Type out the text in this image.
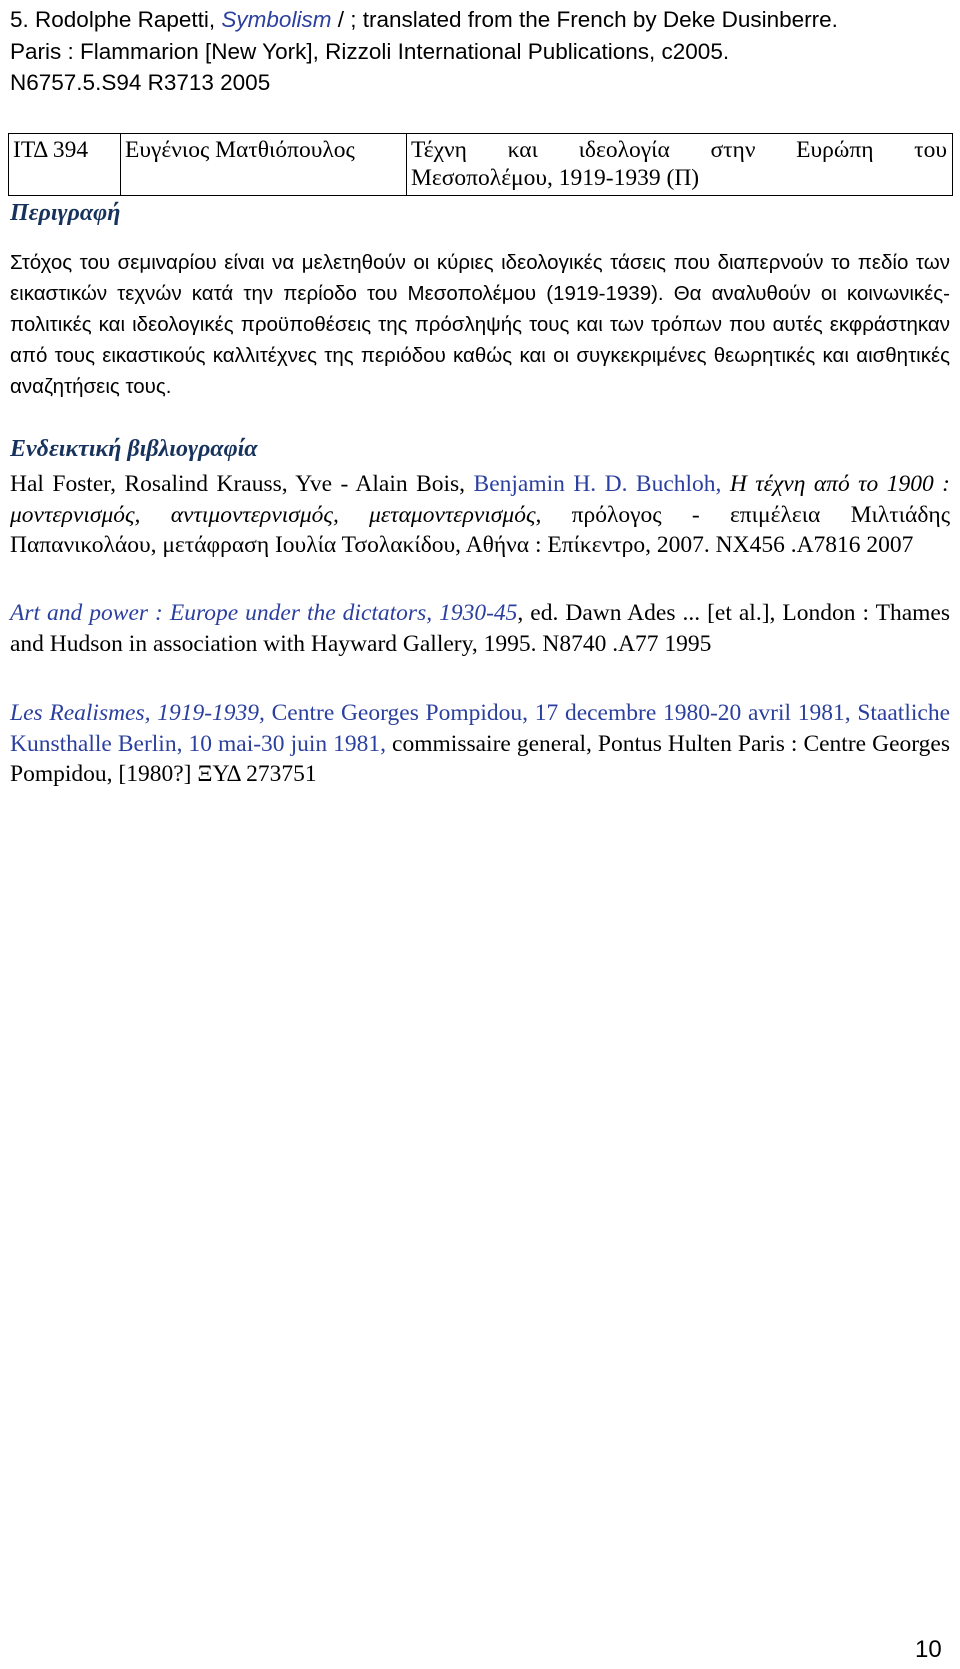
5. Rodolphe Rapetti, Symbolism / ; translated from the French by Deke Dusinberre.
Paris : Flammarion [New York], Rizzoli International Publications, c2005.
N6757.5.S94 R3713 2005
ΙΤΔ 394	Ευγένιος Ματθιόπουλος	Τέχνη και ιδεολογία στην Ευρώπη του
Μεσοπολέμου, 1919-1939 (Π)
Περιγραφή
Στόχος του σεμιναρίου είναι να μελετηθούν οι κύριες ιδεολογικές τάσεις που διαπερνούν το πεδίο των εικαστικών τεχνών κατά την περίοδο του Μεσοπολέμου (1919-1939). Θα αναλυθούν οι κοινωνικές-πολιτικές και ιδεολογικές προϋποθέσεις της πρόσληψής τους και των τρόπων που αυτές εκφράστηκαν από τους εικαστικούς καλλιτέχνες της περιόδου καθώς και οι συγκεκριμένες θεωρητικές και αισθητικές αναζητήσεις τους.
Ενδεικτική βιβλιογραφία
Hal Foster, Rosalind Krauss, Yve - Alain Bois, Benjamin H. D. Buchloh, Η τέχνη από το 1900 : μοντερνισμός, αντιμοντερνισμός, μεταμοντερνισμός, πρόλογος - επιμέλεια Μιλτιάδης Παπανικολάου, μετάφραση Ιουλία Τσολακίδου, Αθήνα : Επίκεντρο, 2007. ΝΧ456 .Α7816 2007
Art and power : Europe under the dictators, 1930-45, ed. Dawn Ades ... [et al.], London : Thames and Hudson in association with Hayward Gallery, 1995. N8740 .A77 1995
Les Realismes, 1919-1939, Centre Georges Pompidou, 17 decembre 1980-20 avril 1981, Staatliche Kunsthalle Berlin, 10 mai-30 juin 1981, commissaire general, Pontus Hulten Paris : Centre Georges Pompidou, [1980?] ΞΥΔ 273751
10
